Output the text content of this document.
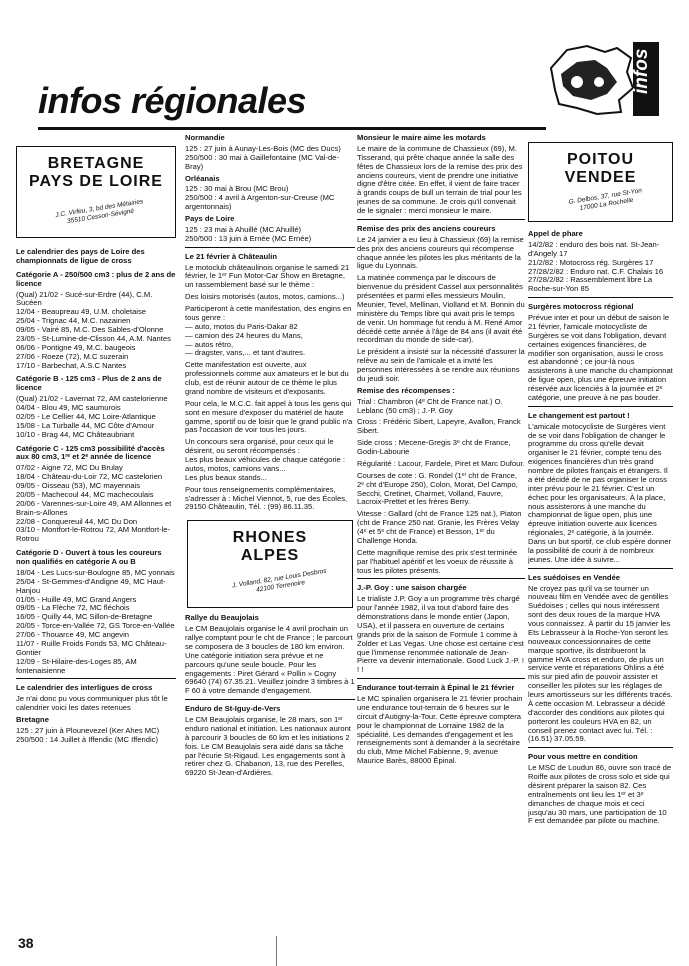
infos régionales
infos
BRETAGNE
PAYS DE LOIRE
J.C. Virfeu, 3, bd des Métairies
35510 Cesson-Sévigné
Le calendrier des pays de Loire des championnats de ligue de cross
Catégorie A - 250/500 cm3 : plus de 2 ans de licence
(Qual) 21/02 - Sucé-sur-Erdre (44), C.M. Sucéen
12/04 - Beaupreau 49, U.M. choletaise
25/04 - Trignac 44, M.C. nazairien
09/05 - Vairé 85, M.C. Des Sables-d'Olonne
23/05 - St-Lumine-de-Clisson 44, A.M. Nantes
06/06 - Pontigne 49, M.C. baugeois
27/06 - Roeze (72), M.C suzerain
17/10 - Barbechat, A.S.C Nantes
Catégorie B - 125 cm3 - Plus de 2 ans de licence
(Qual) 21/02 - Lavernat 72, AM castelorienne
04/04 - Blou 49, MC saumurois
02/05 - Le Cellier 44, MC Loire-Atlantique
15/08 - La Turballe 44, MC Côte d'Amour
10/10 - Brag 44, MC Châteaubriant
Catégorie C - 125 cm3 possibilité d'accès aux 80 cm3, 1ʳᵉ et 2ᵉ année de licence
07/02 - Aigne 72, MC Du Brulay
18/04 - Château-du-Loir 72, MC castelorien
09/05 - Oisseau (53), MC mayennais
20/05 - Machecoul 44, MC machecoulais
20/06 - Varennes-sur-Loire 49, AM Allonnes et Brain-s-Allones
22/08 - Conquereuil 44, MC Du Don
03/10 - Montfort-le-Rotrou 72, AM Montfort-le-Rotrou
Catégorie D - Ouvert à tous les coureurs non qualifiés en catégorie A ou B
18/04 - Les Lucs-sur-Boulogne 85, MC yonnais
25/04 - St-Gemmes-d'Andigne 49, MC Haut-Hanjou
01/05 - Huille 49, MC Grand Angers
09/05 - La Flèche 72, MC fléchois
16/05 - Quilly 44, MC Sillon-de-Bretagne
20/05 - Torce-en-Vallée 72, GS Torce-en-Vallée
27/06 - Thouarce 49, MC angevin
11/07 - Ruille Froids Fonds 53, MC Château-Gontier
12/09 - St-Hilaire-des-Loges 85, AM fontenaisienne
Le calendrier des interligues de cross
Je n'ai donc pu vous communiquer plus tôt le calendrier voici les dates retenues
Bretagne
125 : 27 juin à Plounevezel (Ker Ahes MC)
250/500 : 14 Juillet à Iffendic (MC Iffendic)
Normandie
125 : 27 juin à Aunay-Les-Bois (MC des Ducs)
250/500 : 30 mai à Gaillefontaine (MC Val-de-Bray)
Orléanais
125 : 30 mai à Brou (MC Brou)
250/500 : 4 avril à Argenton-sur-Creuse (MC argentonnais)
Pays de Loire
125 : 23 mai à Ahuillé (MC Ahuillé)
250/500 : 13 juin à Ernée (MC Ernée)
Le 21 février à Châteaulin
Le motoclub châteaulinois organise le samedi 21 février, le 1ᵉʳ Fun Motor-Car Show en Bretagne, un rassemblement basé sur le thème :
Des loisirs motorisés (autos, motos, camions...)
Participeront à cette manifestation, des engins en tous genre :
— auto, motos du Paris-Dakar 82
— camion des 24 heures du Mans,
— autos rétro,
— dragster, vans,... et tant d'autres.
Cette manifestation est ouverte, aux professionnels comme aux amateurs et le but du club, est de réunir autour de ce thème le plus grand nombre de visiteurs et d'exposants.
Pour cela, le M.C.C. fait appel à tous les gens qui sont en mesure d'exposer du matériel de haute gamme, sportif ou de loisir que le grand public n'a pas l'occasion de voir tous les jours.
Un concours sera organisé, pour ceux qui le désirent, ou seront récompensés :
Les plus beaux véhicules de chaque catégorie : autos, motos, camions vans...
Les plus beaux stands...
Pour tous renseignements complémentaires, s'adresser à : Michel Viennot, 5, rue des Écoles, 29150 Châteaulin, Tél. : (99) 86.11.35.
RHONES
ALPES
J. Volland, 82, rue Louis Desbros
42100 Terrenoire
Rallye du Beaujolais
Le CM Beaujolais organise le 4 avril prochain un rallye comptant pour le cht de France ; le parcourt se composera de 3 boucles de 180 km environ. Une catégorie initiation sera prévue et ne parcours qu'une seule boucle. Pour les engagements : Piret Gérard « Pollin » Cogny 69640 (74) 67.35.21. Veuillez joindre 3 timbres à 1 F 60 à votre demande d'engagement.
Enduro de St-Iguy-de-Vers
Le CM Beaujolais organise, le 28 mars, son 1ᵉʳ enduro national et initiation. Les nationaux auront à parcourir 3 boucles de 60 km et les initiations 2 fois. Le CM Beaujolais sera aidé dans sa tâche par l'écurie St-Rigaud. Les engagements sont à retirer chez G. Chabanon, 13, rue des Perelles, 69220 St-Jean-d'Ardières.
Monsieur le maire aime les motards
Le maire de la commune de Chassieux (69), M. Tisserand, qui prête chaque année la salle des fêtes de Chassieux lors de la remise des prix des anciens coureurs, vient de prendre une initiative digne d'être citée. En effet, il vient de faire tracer à grands coups de bull un terrain de trial pour les jeunes de sa commune. Je crois qu'il convenait de le signaler : merci monsieur le maire.
Remise des prix des anciens coureurs
Le 24 janvier a eu lieu à Chassieux (69) la remise des prix des anciens coureurs qui récompense chaque année les pilotes les plus méritants de la ligue du Lyonnais.
La matinée commença par le discours de bienvenue du président Cassel aux personnalités présentées et parmi elles messieurs Moulin, Meunier, Tevel, Mellinan, Violland et M. Bonnin du ministère du Temps libre qui avait pris le temps de venir. Un hommage fut rendu à M. René Amor décédé cette année à l'âge de 84 ans (il avait été recordman du monde de side-car).
Le président a insisté sur la nécessité d'assurer la relève au sein de l'amicale et a invité les personnes intéressées à se rendre aux réunions du jeudi soir.
Remise des récompenses :
Trial : Chambron (4ᵉ Cht de France nat.) O. Leblanc (50 cm3) ; J.-P. Goy
Cross : Frédéric Sibert, Lapeyre, Avallon, Franck Sibert.
Side cross : Mecene-Gregis 3ᵉ cht de France, Godin-Labourie
Régularité : Lacour, Fardele, Piret et Marc Dufour.
Courses de cote : G. Rondel (1ᵉʳ cht de France, 2ᵉ cht d'Europe 250), Colon, Morat, Del Campo, Secchi, Cretinet, Charmet, Volland, Fauvre, Lacroix-Prettet et les frères Berry.
Vitesse : Gallard (cht de France 125 nat.), Piaton (cht de France 250 nat. Granie, les Frères Velay (4ᵉ et 5ᵉ cht de France) et Besson, 1ᵉʳ du Challenge Honda.
Cette magnifique remise des prix s'est terminée par l'habituel apéritif et les voeux de réussite à tous les pilotes présents.
J.-P. Goy : une saison chargée
Le trialiste J.P. Goy a un programme très chargé pour l'année 1982, il va tout d'abord faire des démonstrations dans le monde entier (Japon, USA), et il passera en ouverture de certains grands prix de la saison de Formule 1 comme à Zolder et Las Vegas. Une chose est certaine c'est que l'immense renommée nationale de Jean-Pierre va devenir internationale. Good Luck J.-P. ! ! !
Endurance tout-terrain à Épinal le 21 février
Le MC spinalien organisera le 21 février prochain une endurance tout-terrain de 6 heures sur le circuit d'Autigny-la-Tour. Cette épreuve comptera pour le championnat de Lorraine 1982 de la spécialité. Les demandes d'engagement et les renseignements sont à demander à la secrétaire du club, Mme Michel Fabienne, 9, avenue Maurice Barès, 88000 Épinal.
POITOU
VENDEE
G. Delbos, 37, rue St-Yon
17000 La Rochelle
Appel de phare
14/2/82 : enduro des bois nat. St-Jean-d'Angely 17
21/2/82 : Motocross rég. Surgères 17
27/28/2/82 : Enduro nat. C.F. Chalais 16
27/28/2/82 : Rassemblement libre La Roche-sur-Yon 85
Surgères motocross régional
Prévue inter et pour un début de saison le 21 février, l'amicale motocycliste de Surgères se voit dans l'obligation, devant certaines exigences financières, de modifier son organisation, aussi le cross est abandonné ; ce jour-là nous assisterons à une manche du championnat de ligue open, plus une épreuve initiation réservée aux licenciés à la journée et 2ᵉ catégorie, une preuve à ne pas bouder.
Le changement est partout !
L'amicale motocycliste de Surgères vient de se voir dans l'obligation de changer le programme du cross qu'elle devait organiser le 21 février, compte tenu des exigences financières d'un très grand nombre de pilotes français et étrangers. Il a été décidé de ne pas organiser le cross inter prévu pour le 21 février. C'est un échec pour les organisateurs. À la place, nous assisterons à une manche du championnat de ligue open, plus une épreuve initiation ouverte aux licences régionales, 2ᵉ catégorie, à la journée. Dans un but sportif, ce club espère donner la possibilité de courir à de nombreux jeunes. Une idée à suivre...
Les suédoises en Vendée
Ne croyez pas qu'il va se tourner un nouveau film en Vendée avec de gentilles Suédoises ; celles qui nous intéressent sont des deux roues de la marque HVA vous connaissez. À partir du 15 janvier les Ets Lebrasseur à la Roche-Yon seront les nouveaux concessionnaires de cette marque sportive, ils distribueront la gamme HVA cross et enduro, de plus un service vente et réparations Ohlins a été mis sur pied afin de pouvoir assister et conseiller les pilotes sur les réglages de leurs amortisseurs sur les différents tracés. À cette occasion M. Lebrasseur a décidé d'accorder des conditions aux pilotes qui porteront les couleurs HVA en 82, un conseil prenez contact avec lui. Tél. : (16.51) 37.05.59.
Pour vous mettre en condition
Le MSC de Loudun 86, ouvre son tracé de Roiffe aux pilotes de cross solo et side qui désirent préparer la saison 82. Ces entraînements ont lieu les 1ᵉʳ et 3ᵉ dimanches de chaque mois et ceci jusqu'au 30 mars, une participation de 10 F est demandée par pilote ou machine.
38
